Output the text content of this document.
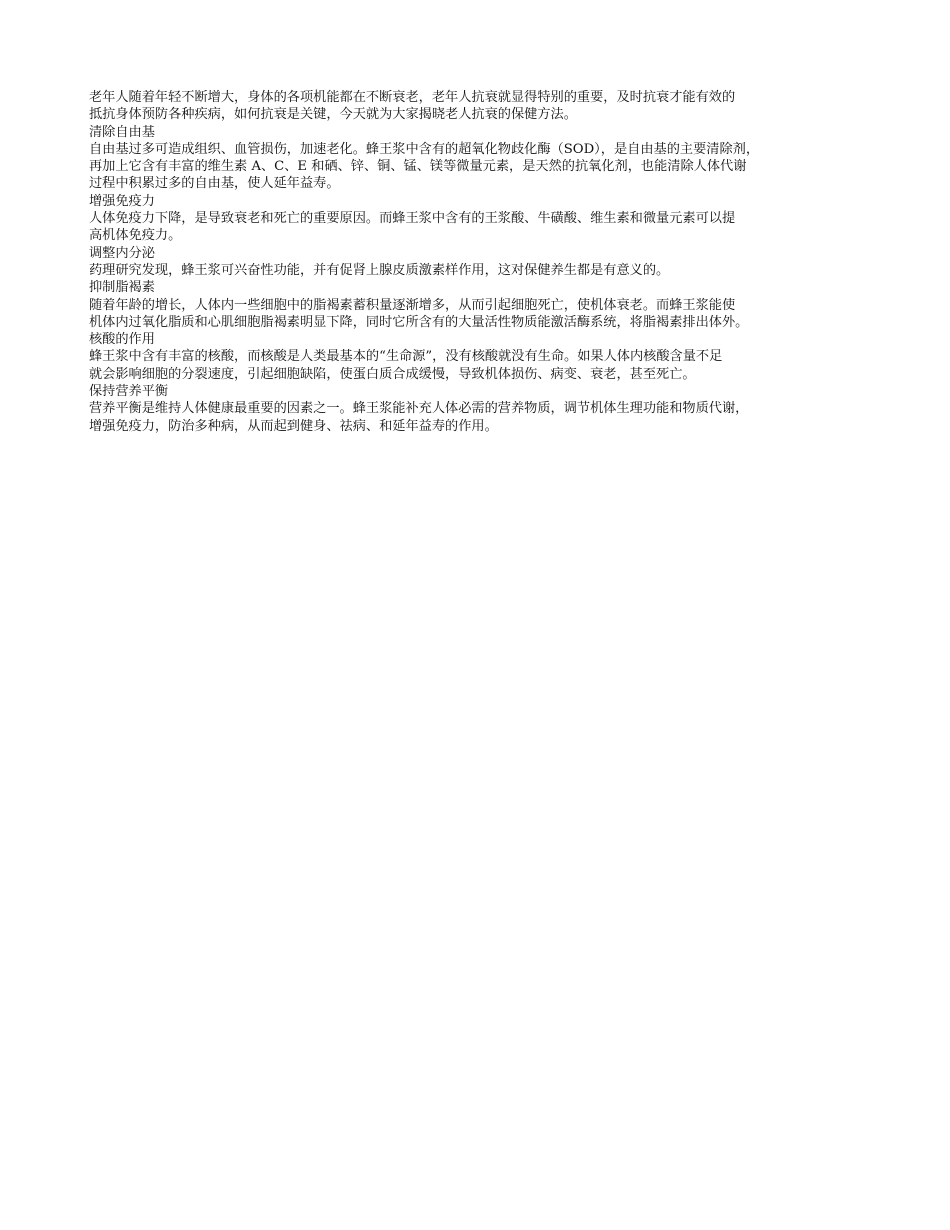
老年人随着年轻不断增大，身体的各项机能都在不断衰老，老年人抗衰就显得特别的重要，及时抗衰才能有效的
抵抗身体预防各种疾病，如何抗衰是关键，今天就为大家揭晓老人抗衰的保健方法。

清除自由基
自由基过多可造成组织、血管损伤，加速老化。蜂王浆中含有的超氧化物歧化酶（SOD），是自由基的主要清除剂，
再加上它含有丰富的维生素 A、C、E 和硒、锌、铜、锰、镁等微量元素，是天然的抗氧化剂，也能清除人体代谢
过程中积累过多的自由基，使人延年益寿。
增强免疫力
人体免疫力下降，是导致衰老和死亡的重要原因。而蜂王浆中含有的王浆酸、牛磺酸、维生素和微量元素可以提
高机体免疫力。
调整内分泌
药理研究发现，蜂王浆可兴奋性功能，并有促肾上腺皮质激素样作用，这对保健养生都是有意义的。
抑制脂褐素
随着年龄的增长，人体内一些细胞中的脂褐素蓄积量逐渐增多，从而引起细胞死亡，使机体衰老。而蜂王浆能使
机体内过氧化脂质和心肌细胞脂褐素明显下降，同时它所含有的大量活性物质能激活酶系统，将脂褐素排出体外。
核酸的作用
蜂王浆中含有丰富的核酸，而核酸是人类最基本的“生命源”，没有核酸就没有生命。如果人体内核酸含量不足
就会影响细胞的分裂速度，引起细胞缺陷，使蛋白质合成缓慢，导致机体损伤、病变、衰老，甚至死亡。
保持营养平衡
营养平衡是维持人体健康最重要的因素之一。蜂王浆能补充人体必需的营养物质，调节机体生理功能和物质代谢，
增强免疫力，防治多种病，从而起到健身、祛病、和延年益寿的作用。
